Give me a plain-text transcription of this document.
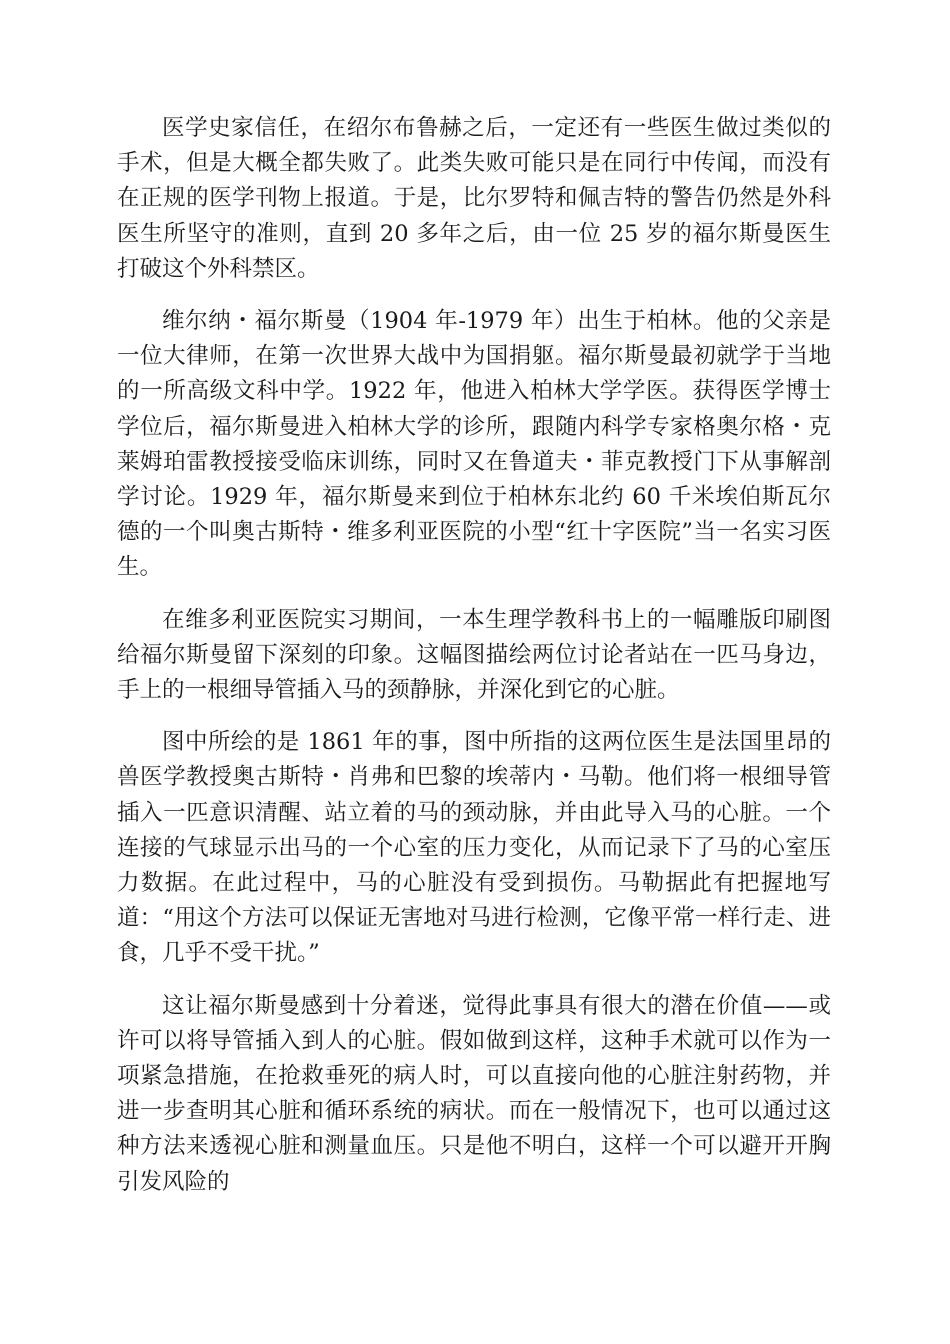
医学史家信任，在绍尔布鲁赫之后，一定还有一些医生做过类似的手术，但是大概全都失败了。此类失败可能只是在同行中传闻，而没有在正规的医学刊物上报道。于是，比尔罗特和佩吉特的警告仍然是外科医生所坚守的准则，直到 20 多年之后，由一位 25 岁的福尔斯曼医生打破这个外科禁区。

维尔纳・福尔斯曼（1904 年-1979 年）出生于柏林。他的父亲是一位大律师，在第一次世界大战中为国捐躯。福尔斯曼最初就学于当地的一所高级文科中学。1922 年，他进入柏林大学学医。获得医学博士学位后，福尔斯曼进入柏林大学的诊所，跟随内科学专家格奥尔格・克莱姆珀雷教授接受临床训练，同时又在鲁道夫・菲克教授门下从事解剖学讨论。1929 年，福尔斯曼来到位于柏林东北约 60 千米埃伯斯瓦尔德的一个叫奥古斯特・维多利亚医院的小型“红十字医院”当一名实习医生。

在维多利亚医院实习期间，一本生理学教科书上的一幅雕版印刷图给福尔斯曼留下深刻的印象。这幅图描绘两位讨论者站在一匹马身边，手上的一根细导管插入马的颈静脉，并深化到它的心脏。

图中所绘的是 1861 年的事，图中所指的这两位医生是法国里昂的兽医学教授奥古斯特・肖弗和巴黎的埃蒂内・马勒。他们将一根细导管插入一匹意识清醒、站立着的马的颈动脉，并由此导入马的心脏。一个连接的气球显示出马的一个心室的压力变化，从而记录下了马的心室压力数据。在此过程中，马的心脏没有受到损伤。马勒据此有把握地写道：“用这个方法可以保证无害地对马进行检测，它像平常一样行走、进食，几乎不受干扰。”

这让福尔斯曼感到十分着迷，觉得此事具有很大的潜在价值——或许可以将导管插入到人的心脏。假如做到这样，这种手术就可以作为一项紧急措施，在抢救垂死的病人时，可以直接向他的心脏注射药物，并进一步查明其心脏和循环系统的病状。而在一般情况下，也可以通过这种方法来透视心脏和测量血压。只是他不明白，这样一个可以避开开胸引发风险的
